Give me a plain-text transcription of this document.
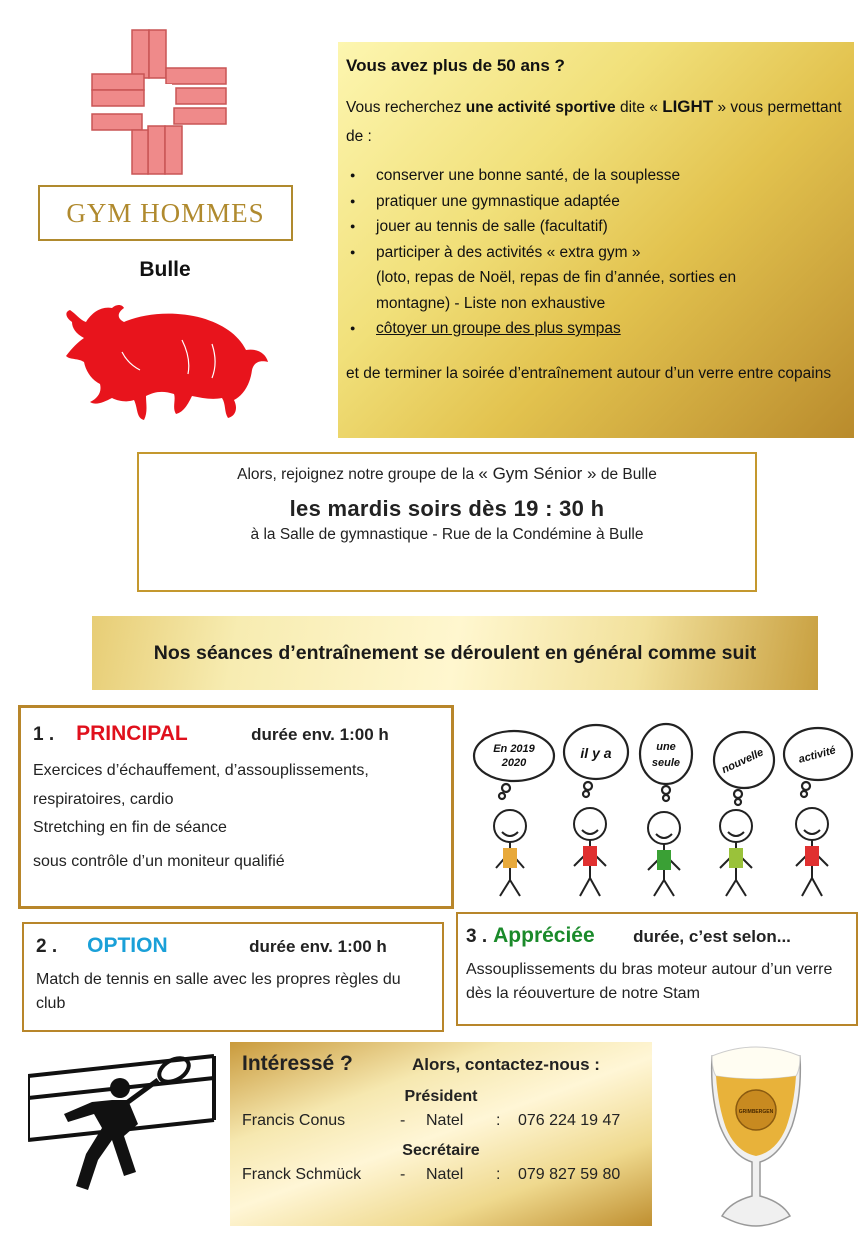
GYM HOMMES
Bulle
Vous avez plus de 50 ans ?

Vous recherchez une activité sportive dite « LIGHT » vous permettant de :

● conserver une bonne santé, de la souplesse
● pratiquer une gymnastique adaptée
● jouer au tennis de salle (facultatif)
● participer à des activités « extra gym »
(loto, repas de Noël, repas de fin d’année, sorties en
montagne) - Liste non exhaustive
● côtoyer un groupe des plus sympas

et de terminer la soirée d’entraînement autour d’un verre entre copains

Alors, rejoignez notre groupe de la « Gym Sénior » de Bulle
les mardis soirs dès 19 : 30 h
à la Salle de gymnastique - Rue de la Condémine à Bulle
Nos séances d’entraînement se déroulent en général comme suit
1 . PRINCIPAL	durée env. 1:00 h
Exercices d’échauffement, d’assouplissements,
respiratoires, cardio
Stretching en fin de séance
sous contrôle d’un moniteur qualifié
En 2019
2020
il y a	une
seule	nouvelle	activité
2 . OPTION	durée env. 1:00 h
Match de tennis en salle avec les propres règles du club
3 . Appréciée	durée, c’est selon...
Assouplissements du bras moteur autour d’un verre dès la réouverture de notre Stam
Intéressé ?	Alors, contactez-nous :
Président
Francis Conus	-	Natel	:	076 224 19 47
Secrétaire
Franck Schmück	-	Natel	:	079 827 59 80
GRIMBERGEN
